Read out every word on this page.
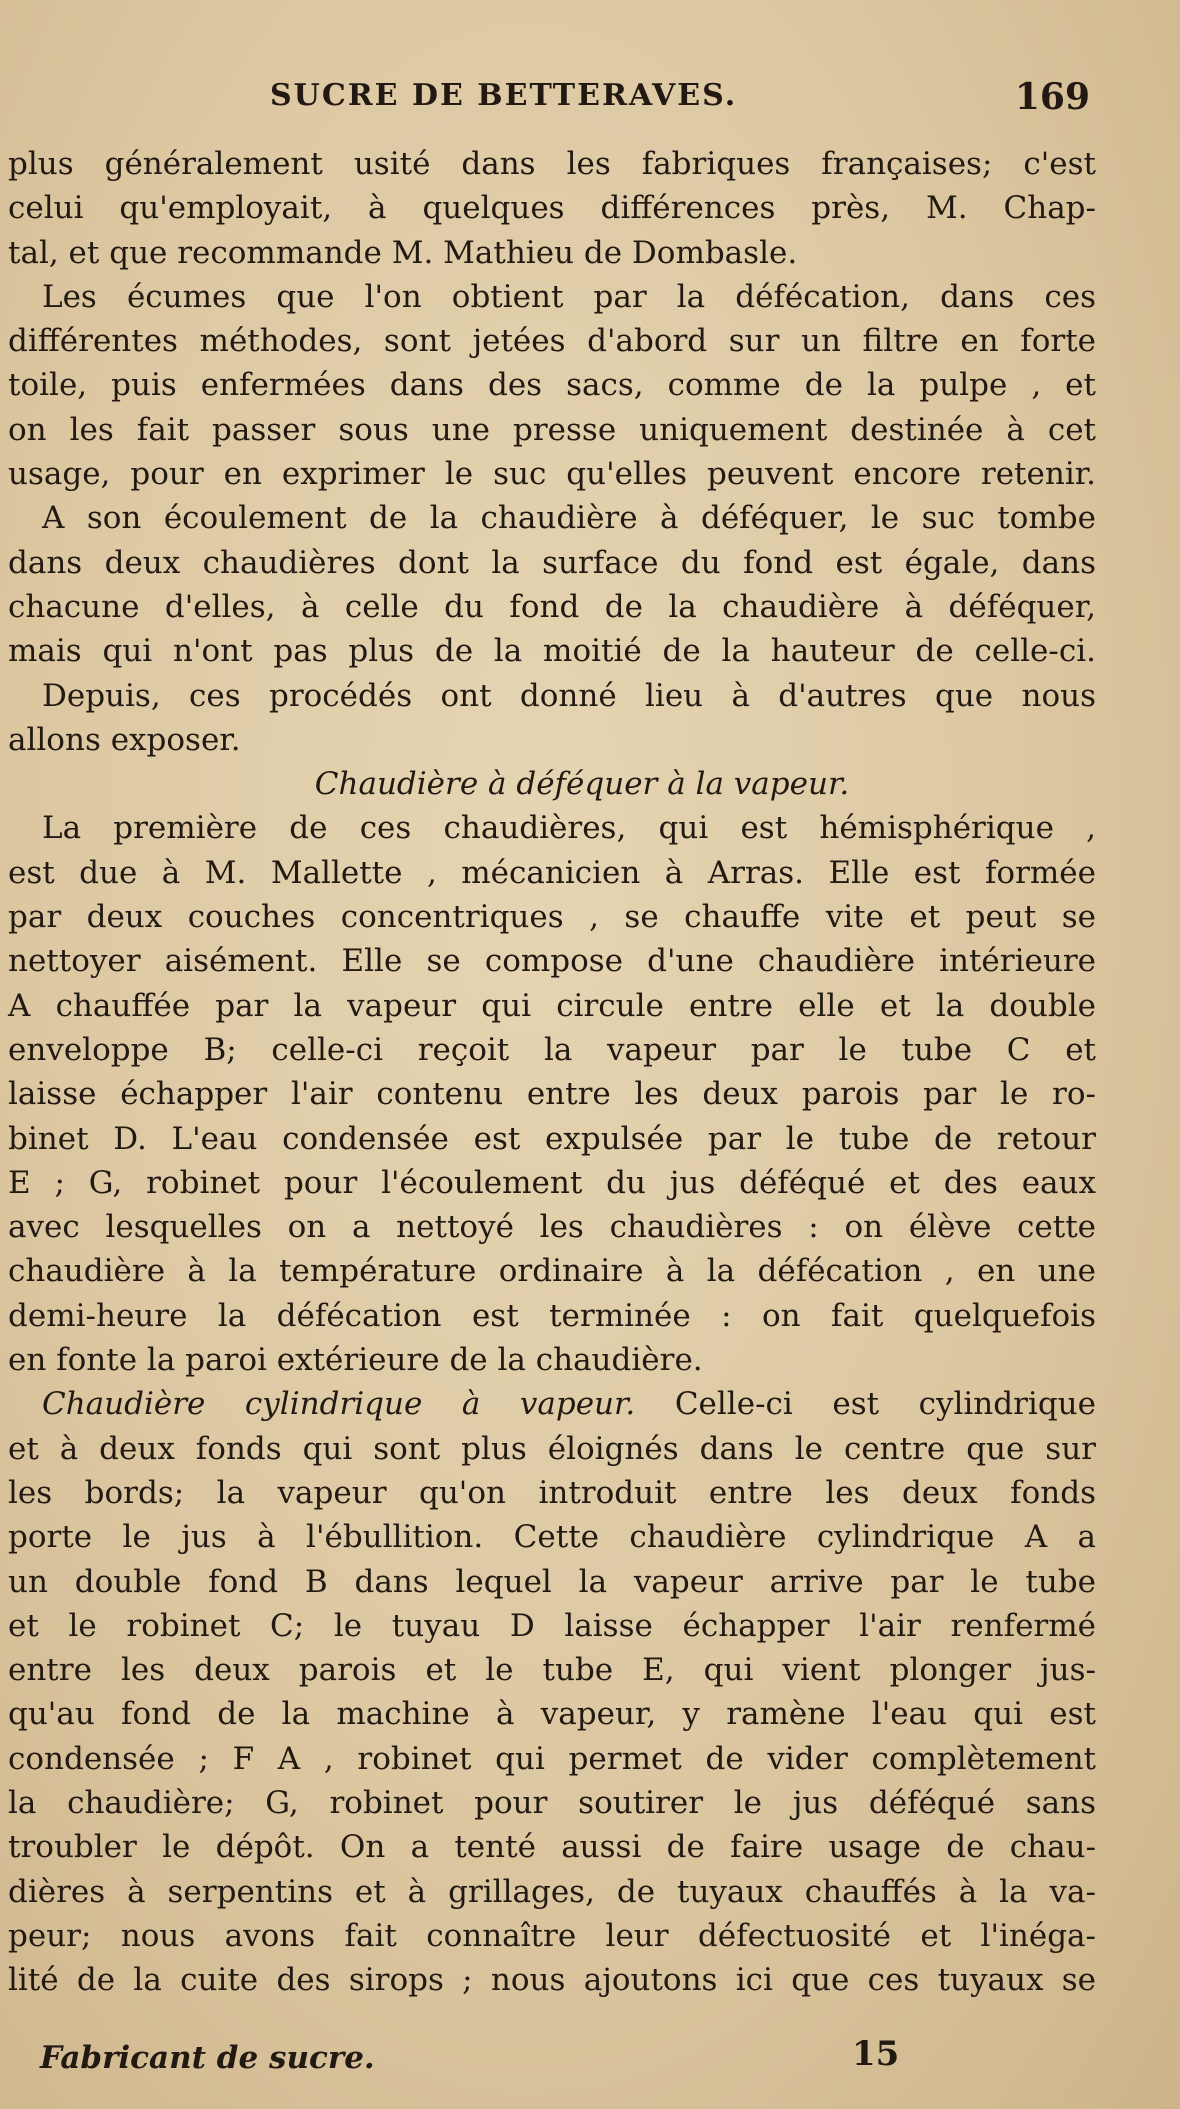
SUCRE DE BETTERAVES.	169
plus généralement usité dans les fabriques françaises; c'est
celui qu'employait, à quelques différences près, M. Chap-
tal, et que recommande M. Mathieu de Dombasle.
Les écumes que l'on obtient par la défécation, dans ces
différentes méthodes, sont jetées d'abord sur un filtre en forte
toile, puis enfermées dans des sacs, comme de la pulpe , et
on les fait passer sous une presse uniquement destinée à cet
usage, pour en exprimer le suc qu'elles peuvent encore retenir.
A son écoulement de la chaudière à déféquer, le suc tombe
dans deux chaudières dont la surface du fond est égale, dans
chacune d'elles, à celle du fond de la chaudière à déféquer,
mais qui n'ont pas plus de la moitié de la hauteur de celle-ci.
Depuis, ces procédés ont donné lieu à d'autres que nous
allons exposer.
Chaudière à déféquer à la vapeur.
La première de ces chaudières, qui est hémisphérique ,
est due à M. Mallette , mécanicien à Arras. Elle est formée
par deux couches concentriques , se chauffe vite et peut se
nettoyer aisément. Elle se compose d'une chaudière intérieure
A chauffée par la vapeur qui circule entre elle et la double
enveloppe B; celle-ci reçoit la vapeur par le tube C et
laisse échapper l'air contenu entre les deux parois par le ro-
binet D. L'eau condensée est expulsée par le tube de retour
E ; G, robinet pour l'écoulement du jus déféqué et des eaux
avec lesquelles on a nettoyé les chaudières : on élève cette
chaudière à la température ordinaire à la défécation , en une
demi-heure la défécation est terminée : on fait quelquefois
en fonte la paroi extérieure de la chaudière.
Chaudière cylindrique à vapeur. Celle-ci est cylindrique
et à deux fonds qui sont plus éloignés dans le centre que sur
les bords; la vapeur qu'on introduit entre les deux fonds
porte le jus à l'ébullition. Cette chaudière cylindrique A a
un double fond B dans lequel la vapeur arrive par le tube
et le robinet C; le tuyau D laisse échapper l'air renfermé
entre les deux parois et le tube E, qui vient plonger jus-
qu'au fond de la machine à vapeur, y ramène l'eau qui est
condensée ; F A , robinet qui permet de vider complètement
la chaudière; G, robinet pour soutirer le jus déféqué sans
troubler le dépôt. On a tenté aussi de faire usage de chau-
dières à serpentins et à grillages, de tuyaux chauffés à la va-
peur; nous avons fait connaître leur défectuosité et l'inéga-
lité de la cuite des sirops ; nous ajoutons ici que ces tuyaux se
Fabricant de sucre.	15
